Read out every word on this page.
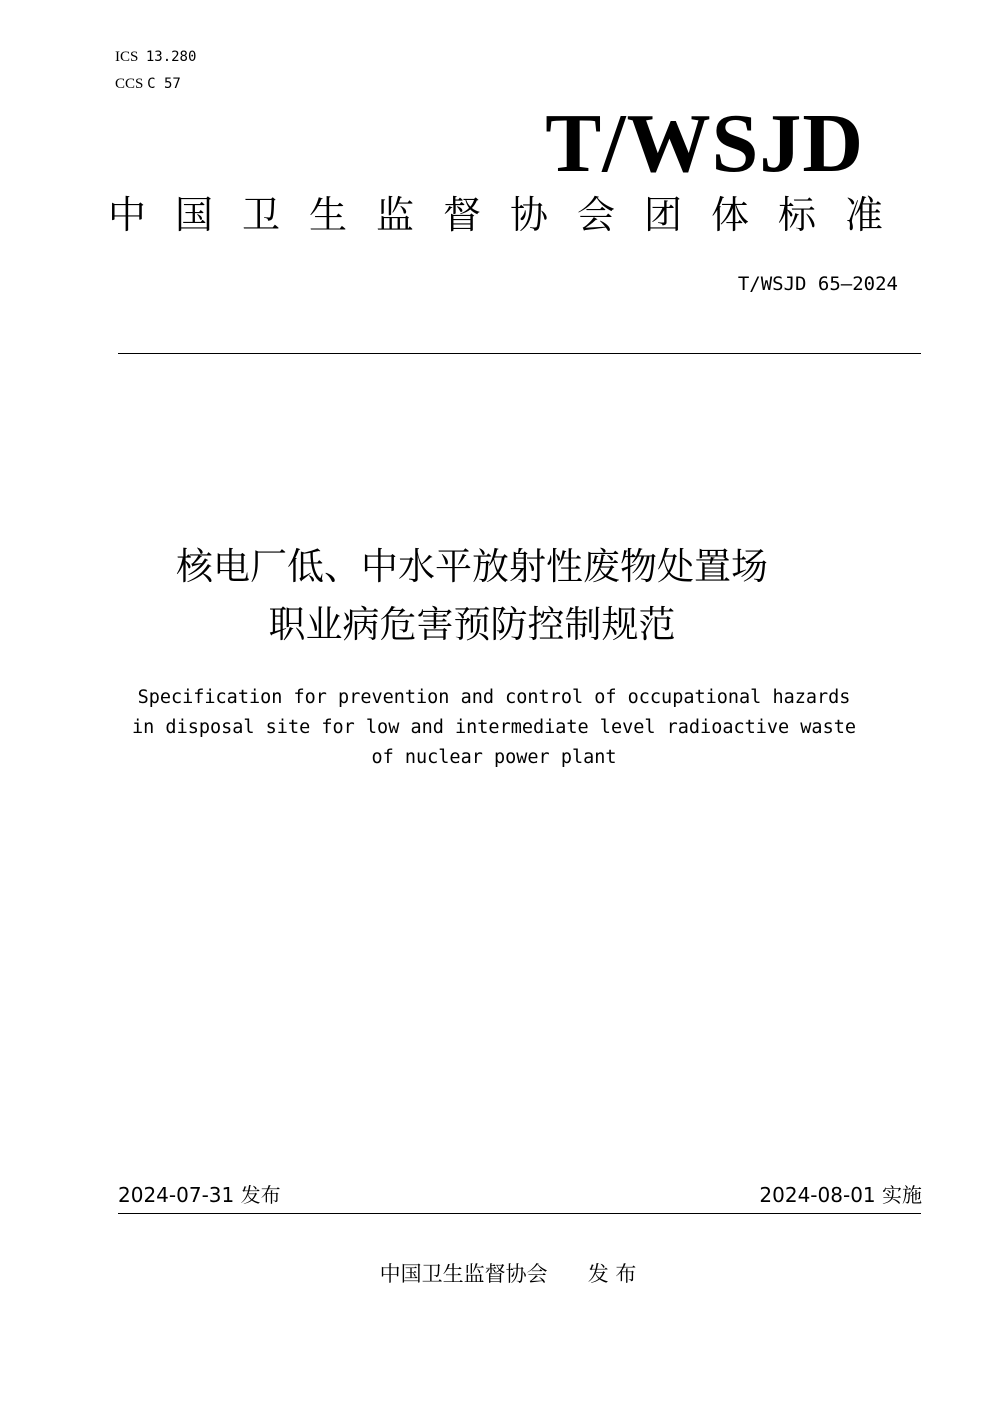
ICS 13.280
CCS C 57
T/WSJD
中国卫生监督协会团体标准
T/WSJD 65—2024
核电厂低、中水平放射性废物处置场
职业病危害预防控制规范
Specification for prevention and control of occupational hazards
in disposal site for low and intermediate level radioactive waste
of nuclear power plant
2024-07-31 发布	2024-08-01 实施
中国卫生监督协会 发 布
